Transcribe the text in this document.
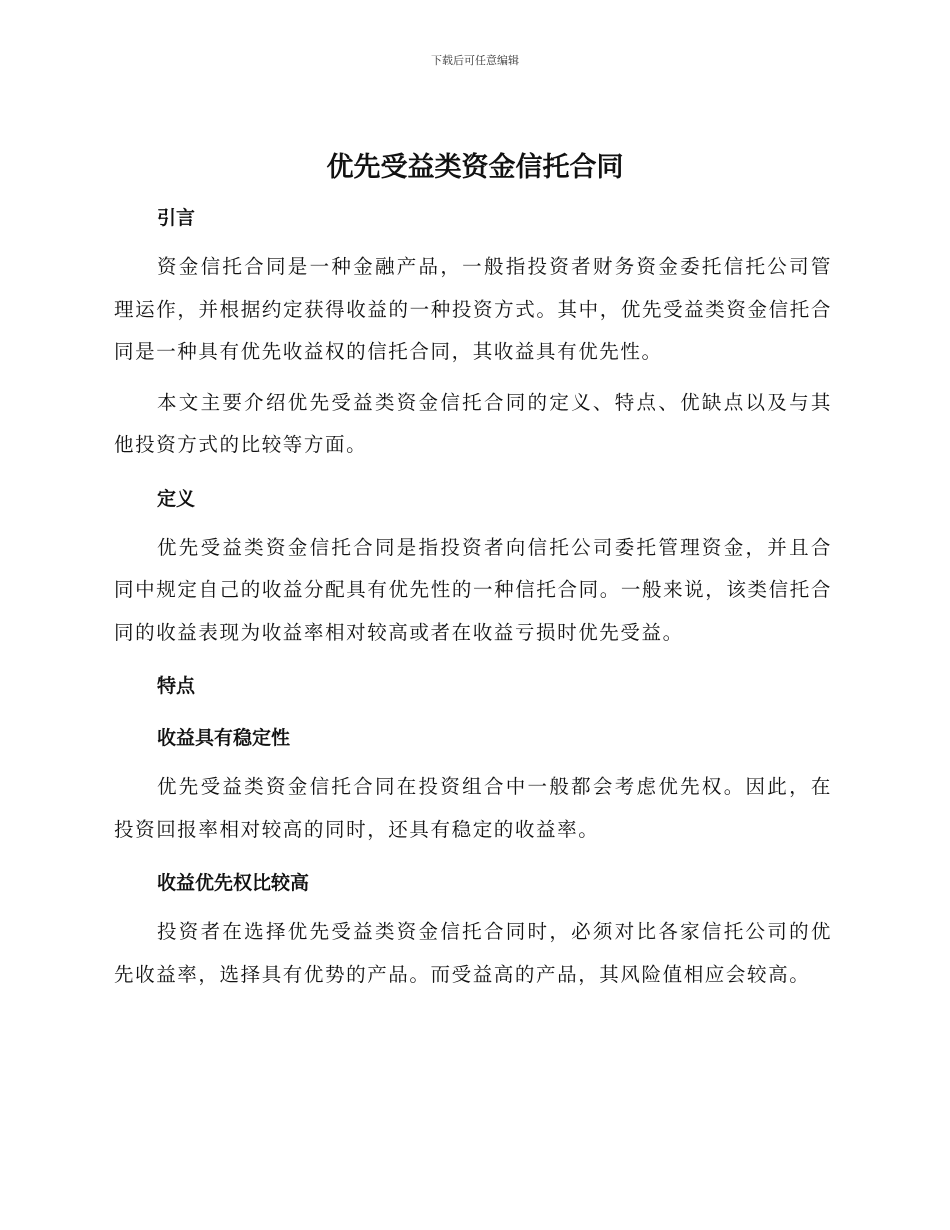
下载后可任意编辑
优先受益类资金信托合同
引言

资金信托合同是一种金融产品，一般指投资者财务资金委托信托公司管理运作，并根据约定获得收益的一种投资方式。其中，优先受益类资金信托合同是一种具有优先收益权的信托合同，其收益具有优先性。

本文主要介绍优先受益类资金信托合同的定义、特点、优缺点以及与其他投资方式的比较等方面。

定义

优先受益类资金信托合同是指投资者向信托公司委托管理资金，并且合同中规定自己的收益分配具有优先性的一种信托合同。一般来说，该类信托合同的收益表现为收益率相对较高或者在收益亏损时优先受益。

特点
收益具有稳定性

优先受益类资金信托合同在投资组合中一般都会考虑优先权。因此，在投资回报率相对较高的同时，还具有稳定的收益率。

收益优先权比较高

投资者在选择优先受益类资金信托合同时，必须对比各家信托公司的优先收益率，选择具有优势的产品。而受益高的产品，其风险值相应会较高。
